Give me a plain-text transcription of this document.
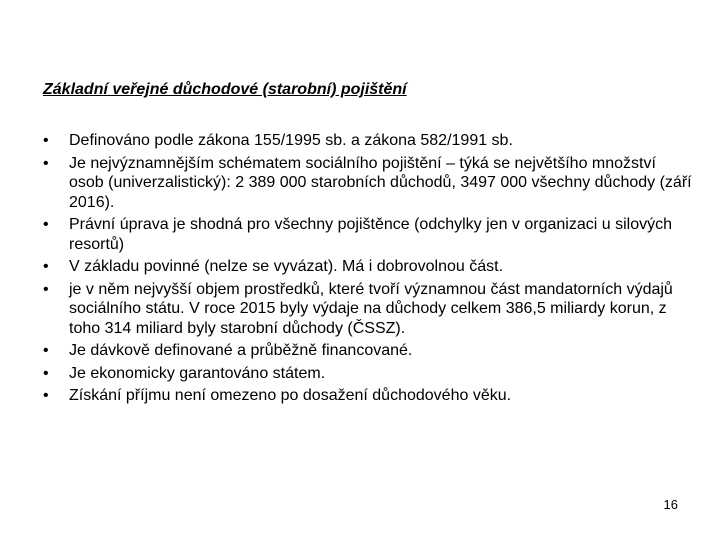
Základní veřejné důchodové (starobní) pojištění
•	Definováno podle zákona 155/1995 sb. a zákona 582/1991 sb.
•	Je nejvýznamnějším schématem sociálního pojištění – týká se největšího množství osob (univerzalistický): 2 389 000 starobních důchodů, 3497 000 všechny důchody (září 2016).
•	Právní úprava je shodná pro všechny pojištěnce (odchylky jen v organizaci u silových resortů)
•	V základu povinné (nelze se vyvázat). Má i dobrovolnou část.
•	je v něm nejvyšší objem prostředků, které tvoří významnou část mandatorních výdajů sociálního státu. V roce 2015 byly výdaje na důchody celkem 386,5 miliardy korun, z toho 314 miliard byly starobní důchody (ČSSZ).
•	Je dávkově definované a průběžně financované.
•	Je ekonomicky garantováno státem.
•	Získání příjmu není omezeno po dosažení důchodového věku.
16
